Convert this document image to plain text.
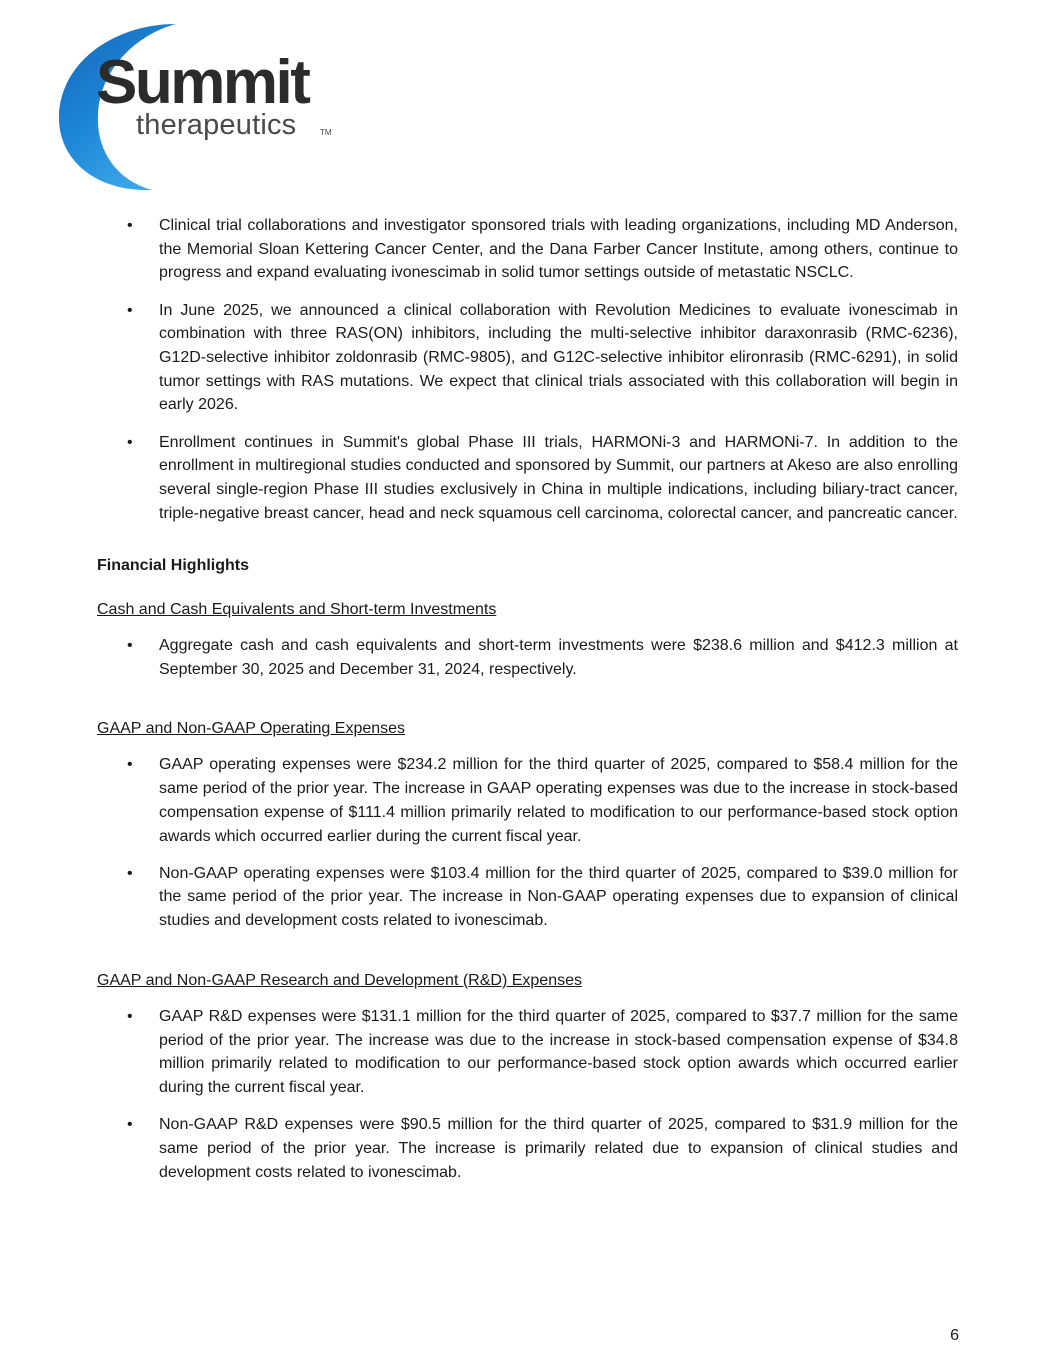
Summit
therapeutics	TM
• Clinical trial collaborations and investigator sponsored trials with leading organizations, including MD Anderson, the Memorial Sloan Kettering Cancer Center, and the Dana Farber Cancer Institute, among others, continue to progress and expand evaluating ivonescimab in solid tumor settings outside of metastatic NSCLC.
• In June 2025, we announced a clinical collaboration with Revolution Medicines to evaluate ivonescimab in combination with three RAS(ON) inhibitors, including the multi-selective inhibitor daraxonrasib (RMC-6236), G12D-selective inhibitor zoldonrasib (RMC-9805), and G12C-selective inhibitor elironrasib (RMC-6291), in solid tumor settings with RAS mutations. We expect that clinical trials associated with this collaboration will begin in early 2026.
• Enrollment continues in Summit's global Phase III trials, HARMONi-3 and HARMONi-7. In addition to the enrollment in multiregional studies conducted and sponsored by Summit, our partners at Akeso are also enrolling several single-region Phase III studies exclusively in China in multiple indications, including biliary-tract cancer, triple-negative breast cancer, head and neck squamous cell carcinoma, colorectal cancer, and pancreatic cancer.
Financial Highlights
Cash and Cash Equivalents and Short-term Investments
• Aggregate cash and cash equivalents and short-term investments were $238.6 million and $412.3 million at September 30, 2025 and December 31, 2024, respectively.
GAAP and Non-GAAP Operating Expenses
• GAAP operating expenses were $234.2 million for the third quarter of 2025, compared to $58.4 million for the same period of the prior year. The increase in GAAP operating expenses was due to the increase in stock-based compensation expense of $111.4 million primarily related to modification to our performance-based stock option awards which occurred earlier during the current fiscal year.
• Non-GAAP operating expenses were $103.4 million for the third quarter of 2025, compared to $39.0 million for the same period of the prior year. The increase in Non-GAAP operating expenses due to expansion of clinical studies and development costs related to ivonescimab.
GAAP and Non-GAAP Research and Development (R&D) Expenses
• GAAP R&D expenses were $131.1 million for the third quarter of 2025, compared to $37.7 million for the same period of the prior year. The increase was due to the increase in stock-based compensation expense of $34.8 million primarily related to modification to our performance-based stock option awards which occurred earlier during the current fiscal year.
• Non-GAAP R&D expenses were $90.5 million for the third quarter of 2025, compared to $31.9 million for the same period of the prior year. The increase is primarily related due to expansion of clinical studies and development costs related to ivonescimab.
6
